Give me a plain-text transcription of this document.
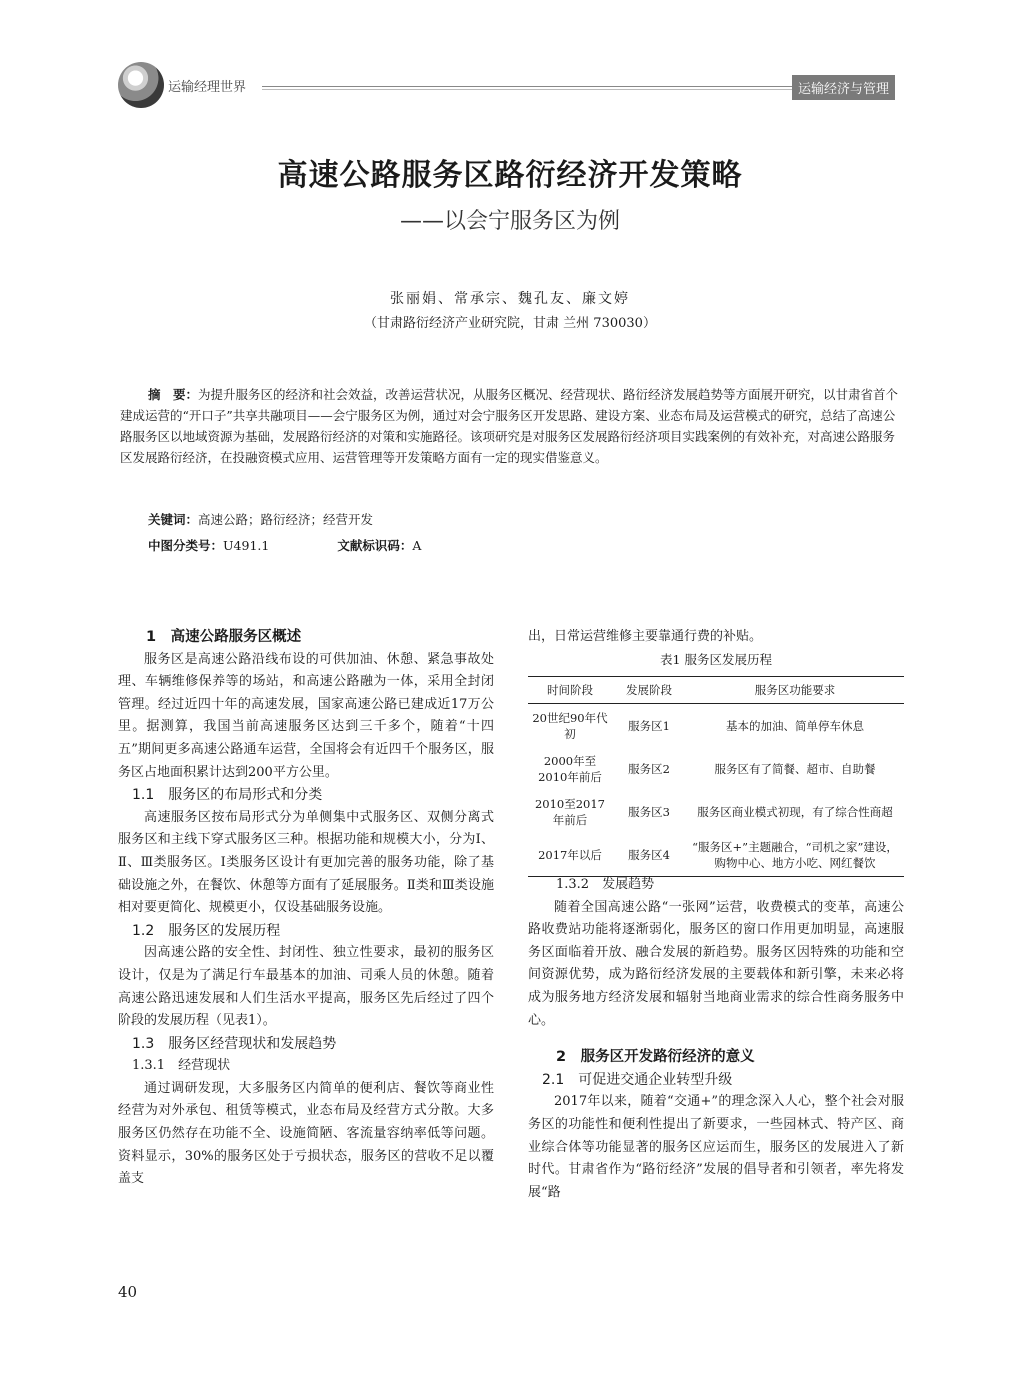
运输经理世界	运输经济与管理
高速公路服务区路衍经济开发策略
——以会宁服务区为例
张丽娟、常承宗、魏孔友、廉文婷
（甘肃路衍经济产业研究院，甘肃 兰州 730030）
摘　要：为提升服务区的经济和社会效益，改善运营状况，从服务区概况、经营现状、路衍经济发展趋势等方面展开研究，以甘肃省首个建成运营的“开口子”共享共融项目——会宁服务区为例，通过对会宁服务区开发思路、建设方案、业态布局及运营模式的研究，总结了高速公路服务区以地域资源为基础，发展路衍经济的对策和实施路径。该项研究是对服务区发展路衍经济项目实践案例的有效补充，对高速公路服务区发展路衍经济，在投融资模式应用、运营管理等开发策略方面有一定的现实借鉴意义。
关键词：高速公路；路衍经济；经营开发
中图分类号：U491.1	文献标识码：A
1　高速公路服务区概述

服务区是高速公路沿线布设的可供加油、休憩、紧急事故处理、车辆维修保养等的场站，和高速公路融为一体，采用全封闭管理。经过近四十年的高速发展，国家高速公路已建成近17万公里。据测算，我国当前高速服务区达到三千多个，随着“十四五”期间更多高速公路通车运营，全国将会有近四千个服务区，服务区占地面积累计达到200平方公里。

1.1　服务区的布局形式和分类

高速服务区按布局形式分为单侧集中式服务区、双侧分离式服务区和主线下穿式服务区三种。根据功能和规模大小，分为Ⅰ、Ⅱ、Ⅲ类服务区。Ⅰ类服务区设计有更加完善的服务功能，除了基础设施之外，在餐饮、休憩等方面有了延展服务。Ⅱ类和Ⅲ类设施相对要更简化、规模更小，仅设基础服务设施。

1.2　服务区的发展历程

因高速公路的安全性、封闭性、独立性要求，最初的服务区设计，仅是为了满足行车最基本的加油、司乘人员的休憩。随着高速公路迅速发展和人们生活水平提高，服务区先后经过了四个阶段的发展历程（见表1）。

1.3　服务区经营现状和发展趋势
1.3.1　经营现状

通过调研发现，大多服务区内简单的便利店、餐饮等商业性经营为对外承包、租赁等模式，业态布局及经营方式分散。大多服务区仍然存在功能不全、设施简陋、客流量容纳率低等问题。资料显示，30%的服务区处于亏损状态，服务区的营收不足以覆盖支

出，日常运营维修主要靠通行费的补贴。
表1 服务区发展历程
时间阶段	发展阶段	服务区功能要求
20世纪90年代初	服务区1	基本的加油、简单停车休息
2000年至2010年前后	服务区2	服务区有了简餐、超市、自助餐
2010至2017年前后	服务区3	服务区商业模式初现，有了综合性商超
2017年以后	服务区4	“服务区+”主题融合，“司机之家”建设，购物中心、地方小吃、网红餐饮
1.3.2　发展趋势

随着全国高速公路“一张网”运营，收费模式的变革，高速公路收费站功能将逐渐弱化，服务区的窗口作用更加明显，高速服务区面临着开放、融合发展的新趋势。服务区因特殊的功能和空间资源优势，成为路衍经济发展的主要载体和新引擎，未来必将成为服务地方经济发展和辐射当地商业需求的综合性商务服务中心。

2　服务区开发路衍经济的意义
2.1　可促进交通企业转型升级

2017年以来，随着“交通+”的理念深入人心，整个社会对服务区的功能性和便利性提出了新要求，一些园林式、特产区、商业综合体等功能显著的服务区应运而生，服务区的发展进入了新时代。甘肃省作为“路衍经济”发展的倡导者和引领者，率先将发展“路

40
